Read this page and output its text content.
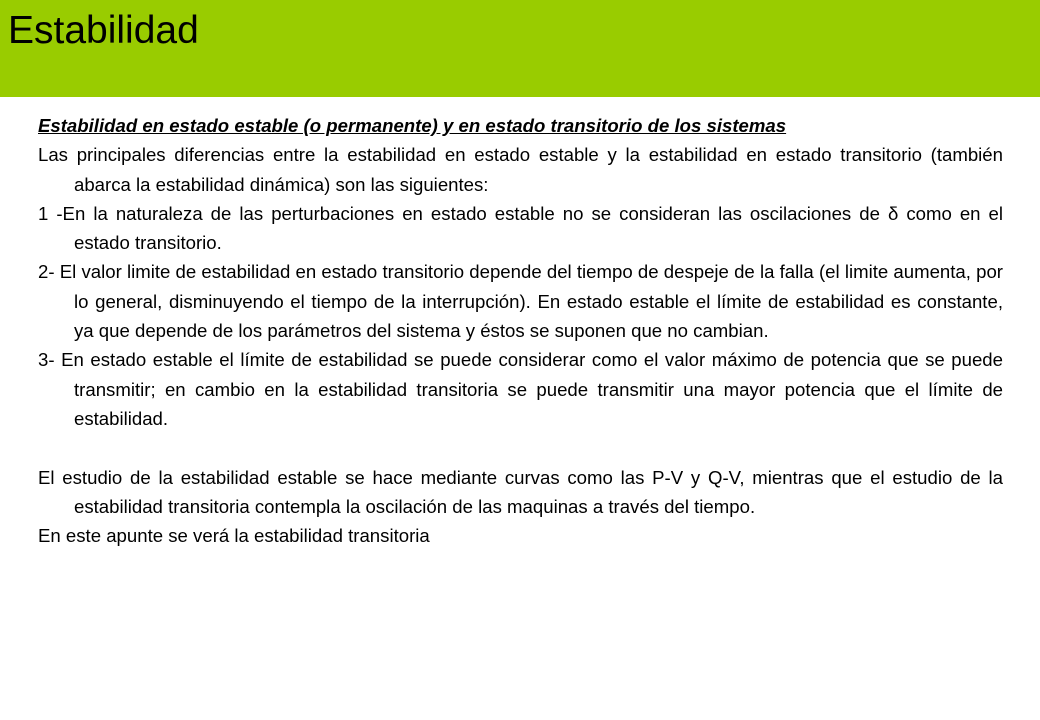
Estabilidad

Estabilidad en estado estable (o permanente) y en estado transitorio de los sistemas

Las principales diferencias entre la estabilidad en estado estable y la estabilidad en estado transitorio (también abarca la estabilidad dinámica) son las siguientes:

1 -En la naturaleza de las perturbaciones en estado estable no se consideran las oscilaciones de δ como en el estado transitorio.

2- El valor limite de estabilidad en estado transitorio depende del tiempo de despeje de la falla (el limite aumenta, por lo general, disminuyendo el tiempo de la interrupción). En estado estable el límite de estabilidad es constante, ya que depende de los parámetros del sistema y éstos se suponen que no cambian.

3- En estado estable el límite de estabilidad se puede considerar como el valor máximo de potencia que se puede transmitir; en cambio en la estabilidad transitoria se puede transmitir una mayor potencia que el límite de estabilidad.

El estudio de la estabilidad estable se hace mediante curvas como las P-V y Q-V, mientras que el estudio de la estabilidad transitoria contempla la oscilación de las maquinas a través del tiempo.

En este apunte se verá la estabilidad transitoria
